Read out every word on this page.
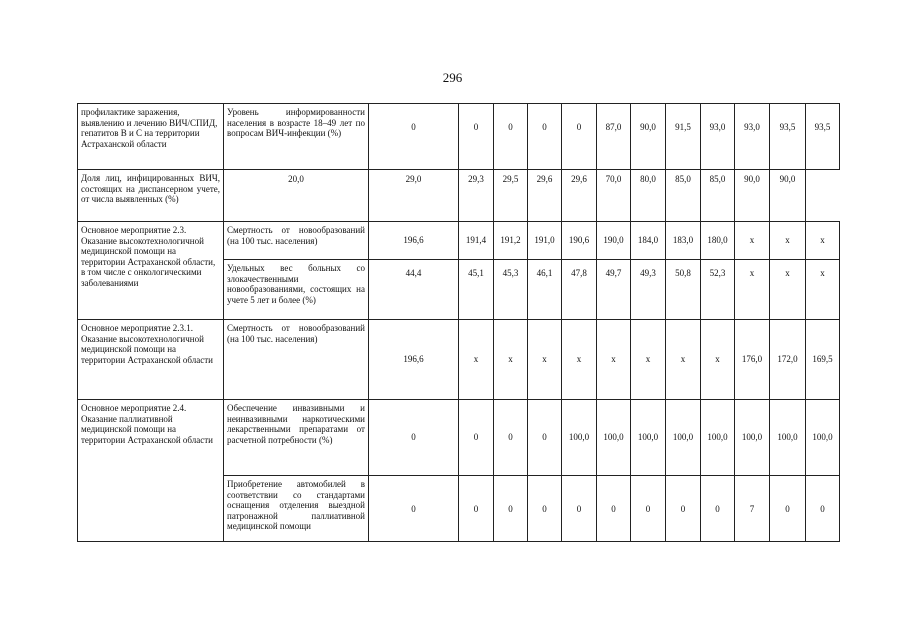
296
профилактике заражения, выявлению и лечению ВИЧ/СПИД, гепатитов В и С на территории Астраханской области	Уровень информированности населения в возрасте 18–49 лет по вопросам ВИЧ-инфекции (%)	0	0	0	0	0	87,0	90,0	91,5	93,0	93,0	93,5	93,5
Доля лиц, инфицированных ВИЧ, состоящих на диспансерном учете, от числа выявленных (%)	20,0	29,0	29,3	29,5	29,6	29,6	70,0	80,0	85,0	85,0	90,0	90,0	
Основное мероприятие 2.3. Оказание высокотехнологичной медицинской помощи на территории Астраханской области, в том числе с онкологическими заболеваниями	Смертность от новообразований (на 100 тыс. населения)	196,6	191,4	191,2	191,0	190,6	190,0	184,0	183,0	180,0	x	x	x
	Удельных вес больных со злокачественными новообразованиями, состоящих на учете 5 лет и более (%)	44,4	45,1	45,3	46,1	47,8	49,7	49,3	50,8	52,3	x	x	x
Основное мероприятие 2.3.1. Оказание высокотехнологичной медицинской помощи на территории Астраханской области	Смертность от новообразований (на 100 тыс. населения)	196,6	x	x	x	x	x	x	x	x	176,0	172,0	169,5
Основное мероприятие 2.4. Оказание паллиативной медицинской помощи на территории Астраханской области	Обеспечение инвазивными и неинвазивными наркотическими лекарственными препаратами от расчетной потребности (%)	0	0	0	0	100,0	100,0	100,0	100,0	100,0	100,0	100,0	100,0
	Приобретение автомобилей в соответствии со стандартами оснащения отделения выездной патронажной паллиативной медицинской помощи	0	0	0	0	0	0	0	0	0	7	0	0
